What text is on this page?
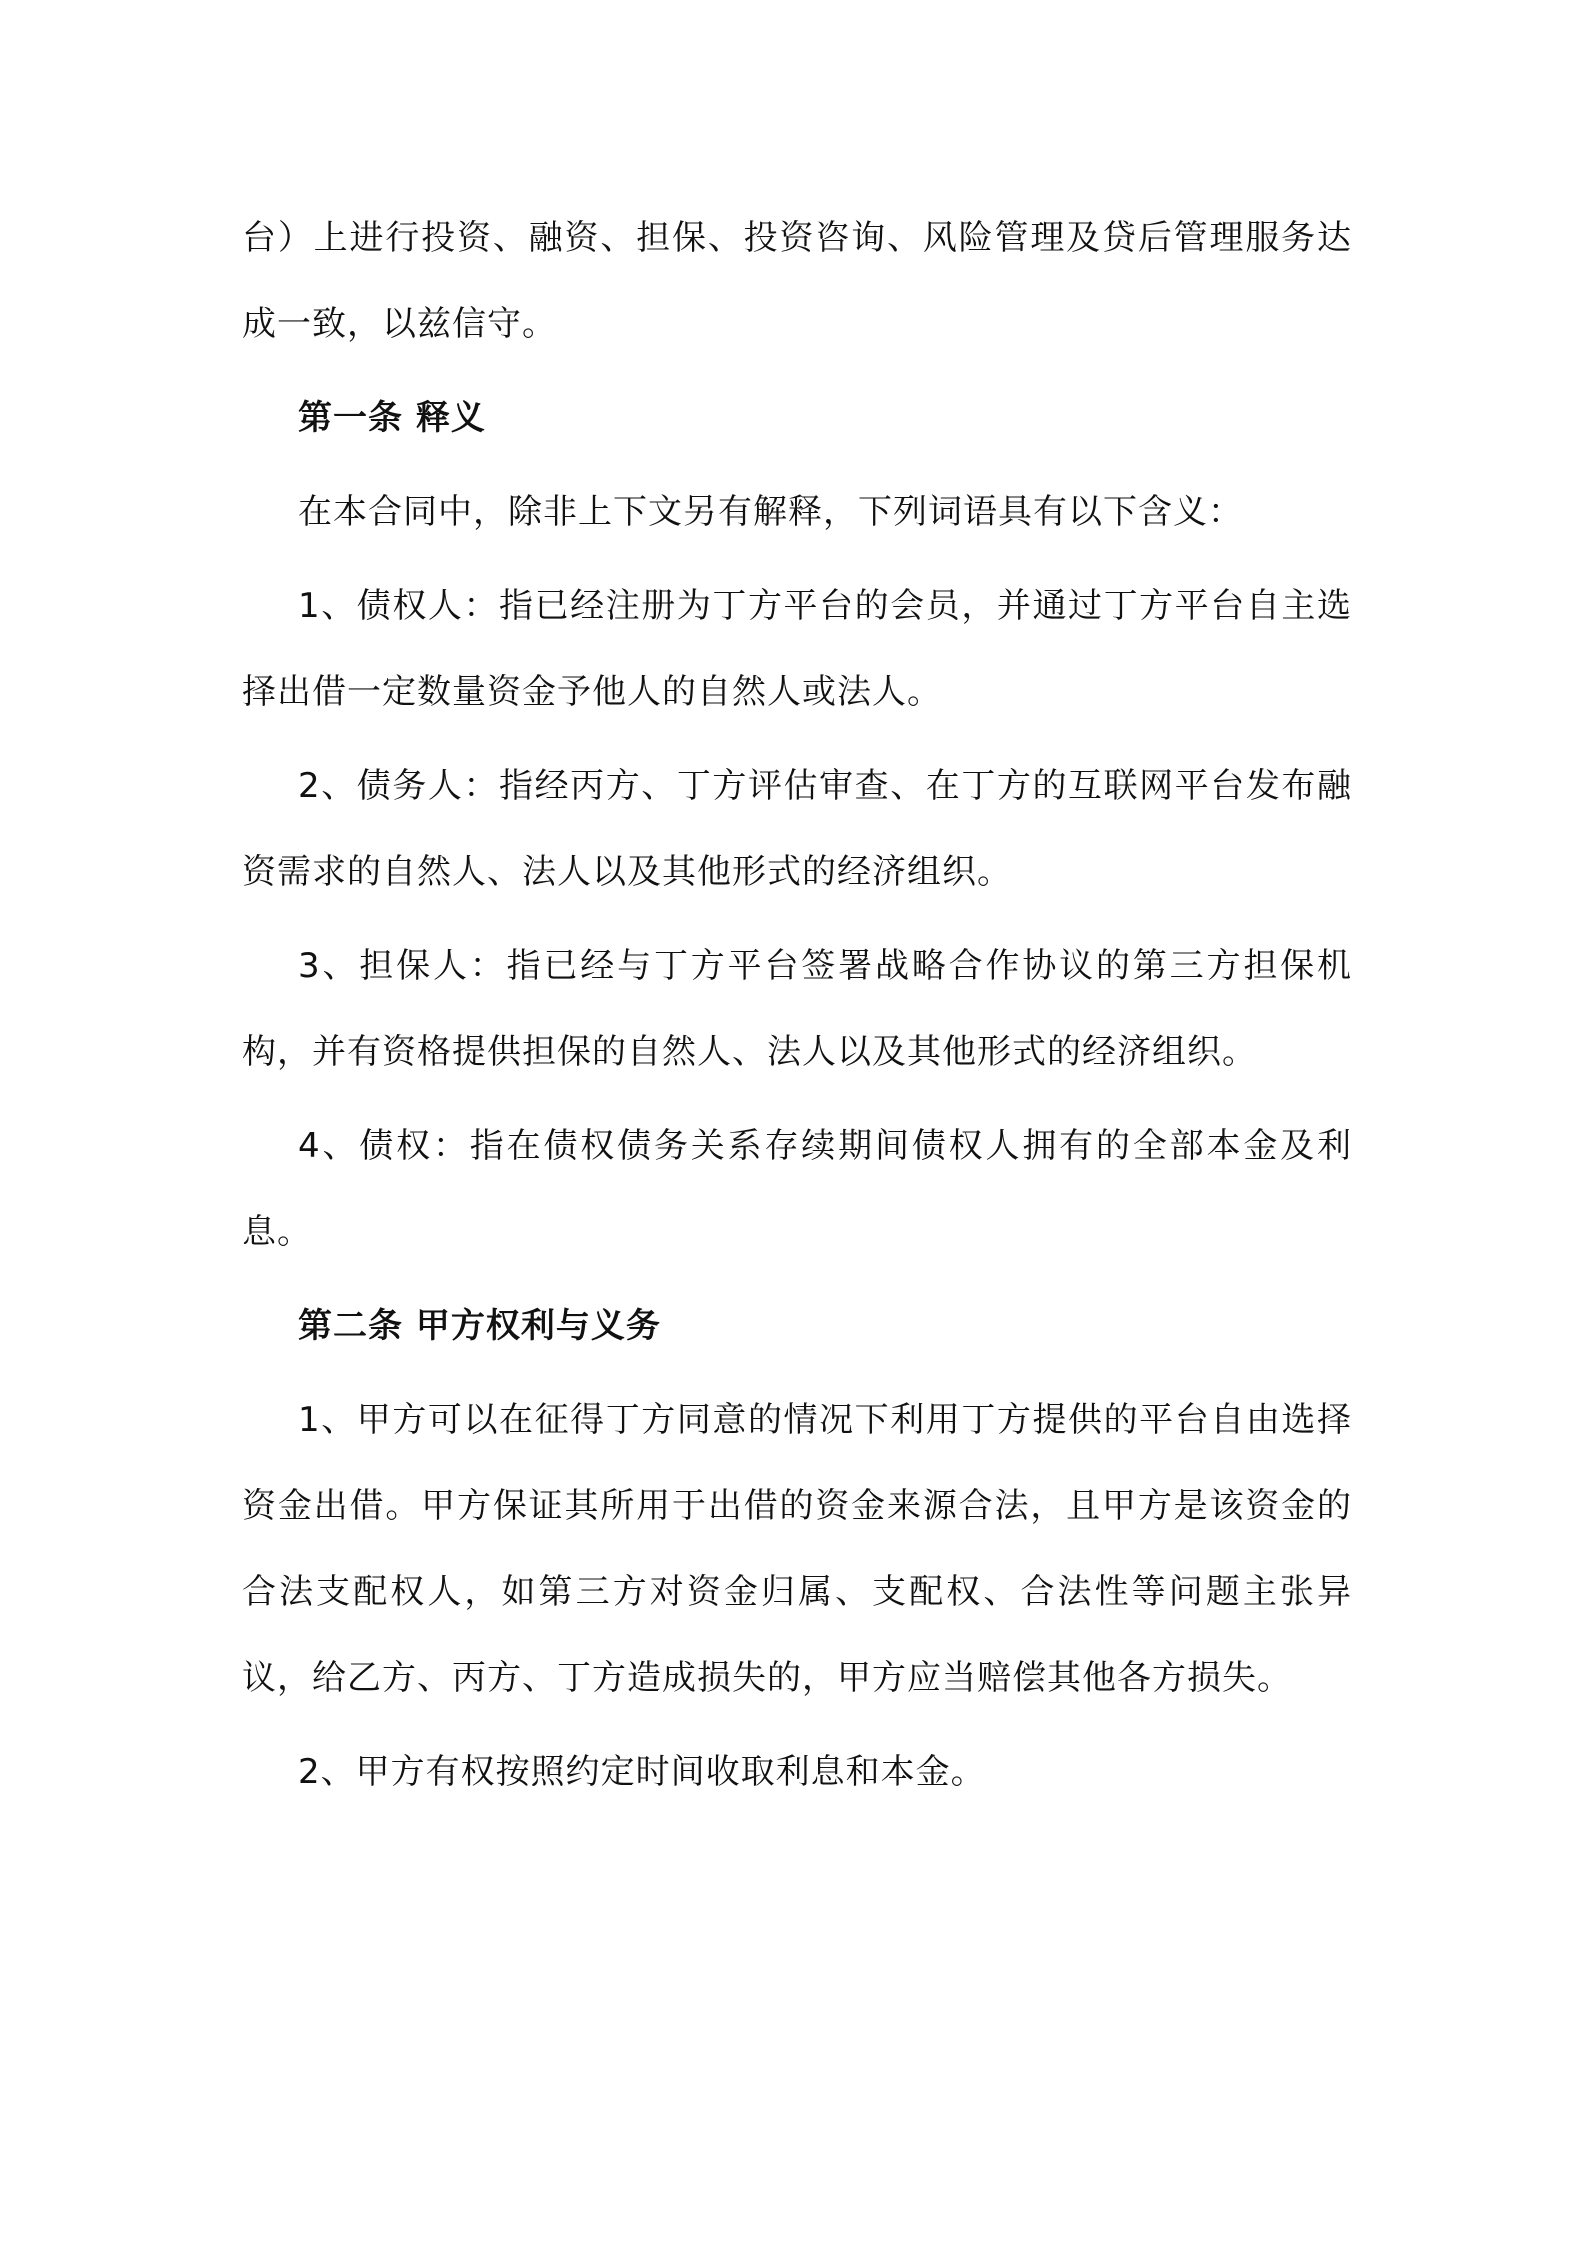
台）上进行投资、融资、担保、投资咨询、风险管理及贷后管理服务达成一致，以兹信守。

第一条 释义

在本合同中，除非上下文另有解释，下列词语具有以下含义：

1、债权人：指已经注册为丁方平台的会员，并通过丁方平台自主选择出借一定数量资金予他人的自然人或法人。

2、债务人：指经丙方、丁方评估审查、在丁方的互联网平台发布融资需求的自然人、法人以及其他形式的经济组织。

3、担保人：指已经与丁方平台签署战略合作协议的第三方担保机构，并有资格提供担保的自然人、法人以及其他形式的经济组织。

4、债权：指在债权债务关系存续期间债权人拥有的全部本金及利息。

第二条 甲方权利与义务

1、甲方可以在征得丁方同意的情况下利用丁方提供的平台自由选择资金出借。甲方保证其所用于出借的资金来源合法，且甲方是该资金的合法支配权人，如第三方对资金归属、支配权、合法性等问题主张异议，给乙方、丙方、丁方造成损失的，甲方应当赔偿其他各方损失。

2、甲方有权按照约定时间收取利息和本金。
